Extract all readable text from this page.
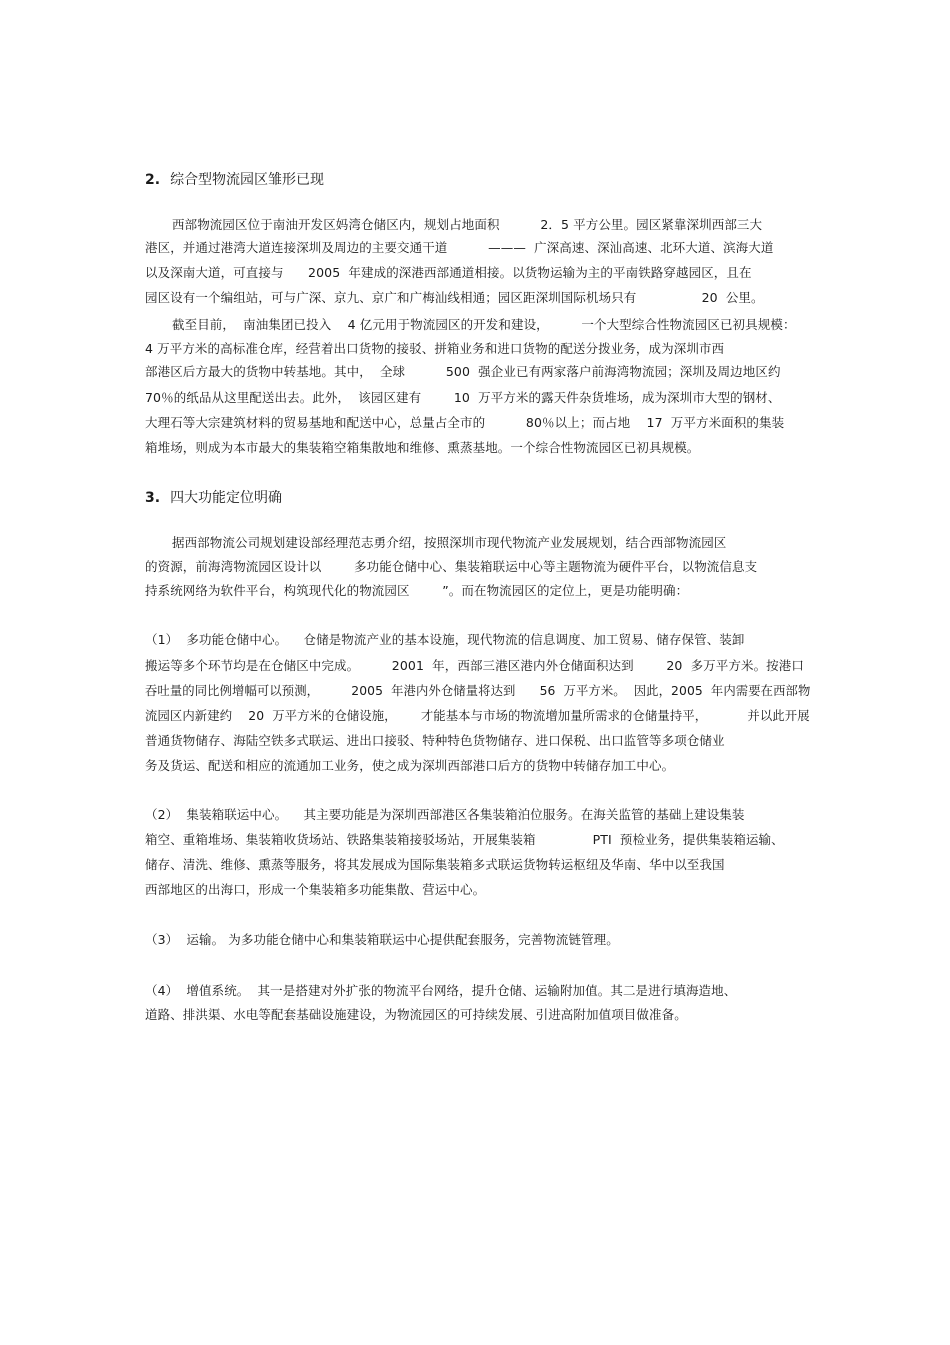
2. 综合型物流园区雏形已现
西部物流园区位于南油开发区妈湾仓储区内，规划占地面积          2．5 平方公里。园区紧靠深圳西部三大
港区，并通过港湾大道连接深圳及周边的主要交通干道          ———  广深高速、深汕高速、北环大道、滨海大道
以及深南大道，可直接与      2005  年建成的深港西部通道相接。以货物运输为主的平南铁路穿越园区，且在
园区设有一个编组站，可与广深、京九、京广和广梅汕线相通；园区距深圳国际机场只有                20  公里。
截至目前，  南油集团已投入    4 亿元用于物流园区的开发和建设，        一个大型综合性物流园区已初具规模：
4 万平方米的高标准仓库，经营着出口货物的接驳、拼箱业务和进口货物的配送分拨业务，成为深圳市西
部港区后方最大的货物中转基地。其中，  全球          500  强企业已有两家落户前海湾物流园；深圳及周边地区约
70％的纸品从这里配送出去。此外，  该园区建有        10  万平方米的露天件杂货堆场，成为深圳市大型的钢材、
大理石等大宗建筑材料的贸易基地和配送中心，总量占全市的          80％以上；而占地    17  万平方米面积的集装
箱堆场，则成为本市最大的集装箱空箱集散地和维修、熏蒸基地。一个综合性物流园区已初具规模。
3. 四大功能定位明确
据西部物流公司规划建设部经理范志勇介绍，按照深圳市现代物流产业发展规划，结合西部物流园区
的资源，前海湾物流园区设计以        多功能仓储中心、集装箱联运中心等主题物流为硬件平台，以物流信息支
持系统网络为软件平台，构筑现代化的物流园区        ”。而在物流园区的定位上，更是功能明确：
（1）  多功能仓储中心。    仓储是物流产业的基本设施，现代物流的信息调度、加工贸易、储存保管、装卸
搬运等多个环节均是在仓储区中完成。        2001  年，西部三港区港内外仓储面积达到        20  多万平方米。按港口
吞吐量的同比例增幅可以预测，        2005  年港内外仓储量将达到      56  万平方米。  因此，2005  年内需要在西部物
流园区内新建约    20  万平方米的仓储设施，      才能基本与市场的物流增加量所需求的仓储量持平，          并以此开展
普通货物储存、海陆空铁多式联运、进出口接驳、特种特色货物储存、进口保税、出口监管等多项仓储业
务及货运、配送和相应的流通加工业务，使之成为深圳西部港口后方的货物中转储存加工中心。
（2）  集装箱联运中心。    其主要功能是为深圳西部港区各集装箱泊位服务。在海关监管的基础上建设集装
箱空、重箱堆场、集装箱收货场站、铁路集装箱接驳场站，开展集装箱              PTI  预检业务，提供集装箱运输、
储存、清洗、维修、熏蒸等服务，将其发展成为国际集装箱多式联运货物转运枢纽及华南、华中以至我国
西部地区的出海口，形成一个集装箱多功能集散、营运中心。
（3）  运输。 为多功能仓储中心和集装箱联运中心提供配套服务，完善物流链管理。
（4）  增值系统。  其一是搭建对外扩张的物流平台网络，提升仓储、运输附加值。其二是进行填海造地、
道路、排洪渠、水电等配套基础设施建设，为物流园区的可持续发展、引进高附加值项目做准备。
